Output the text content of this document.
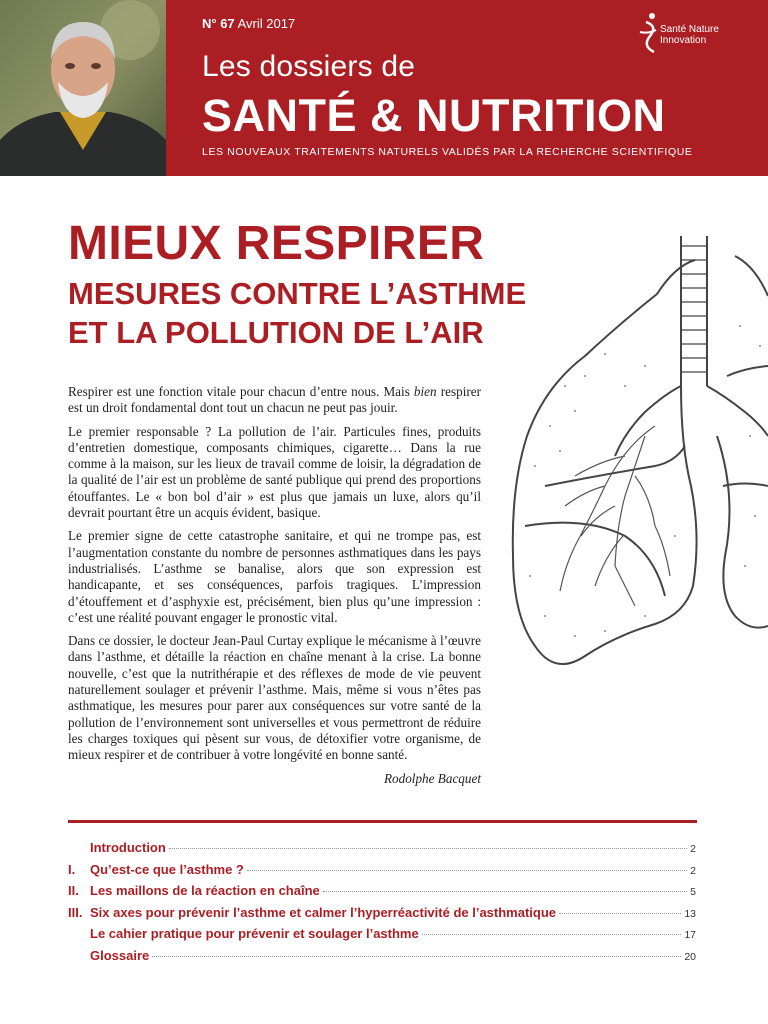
N° 67 Avril 2017
Les dossiers de
SANTÉ & NUTRITION
LES NOUVEAUX TRAITEMENTS NATURELS VALIDÉS PAR LA RECHERCHE SCIENTIFIQUE
Santé Nature
Innovation
MIEUX RESPIRER
MESURES CONTRE L’ASTHME
ET LA POLLUTION DE L’AIR

Respirer est une fonction vitale pour chacun d’entre nous. Mais bien respirer est un droit fondamental dont tout un chacun ne peut pas jouir.

Le premier responsable ? La pollution de l’air. Particules fines, produits d’entretien domestique, composants chimiques, cigarette… Dans la rue comme à la maison, sur les lieux de travail comme de loisir, la dégradation de la qualité de l’air est un problème de santé publique qui prend des proportions étouffantes. Le « bon bol d’air » est plus que jamais un luxe, alors qu’il devrait pourtant être un acquis évident, basique.

Le premier signe de cette catastrophe sanitaire, et qui ne trompe pas, est l’augmentation constante du nombre de personnes asthmatiques dans les pays industrialisés. L’asthme se banalise, alors que son expression est handicapante, et ses conséquences, parfois tragiques. L’impression d’étouffement et d’asphyxie est, précisément, bien plus qu’une impression : c’est une réalité pouvant engager le pronostic vital.

Dans ce dossier, le docteur Jean-Paul Curtay explique le mécanisme à l’œuvre dans l’asthme, et détaille la réaction en chaîne menant à la crise. La bonne nouvelle, c’est que la nutrithérapie et des réflexes de mode de vie peuvent naturellement soulager et prévenir l’asthme. Mais, même si vous n’êtes pas asthmatique, les mesures pour parer aux conséquences sur votre santé de la pollution de l’environnement sont universelles et vous permettront de réduire les charges toxiques qui pèsent sur vous, de détoxifier votre organisme, de mieux respirer et de contribuer à votre longévité en bonne santé.

Rodolphe Bacquet
Introduction	2
I.	Qu’est-ce que l’asthme ?	2
II. Les maillons de la réaction en chaîne	5
III. Six axes pour prévenir l’asthme et calmer l’hyperréactivité de l’asthmatique	13
Le cahier pratique pour prévenir et soulager l’asthme	17
Glossaire	20
